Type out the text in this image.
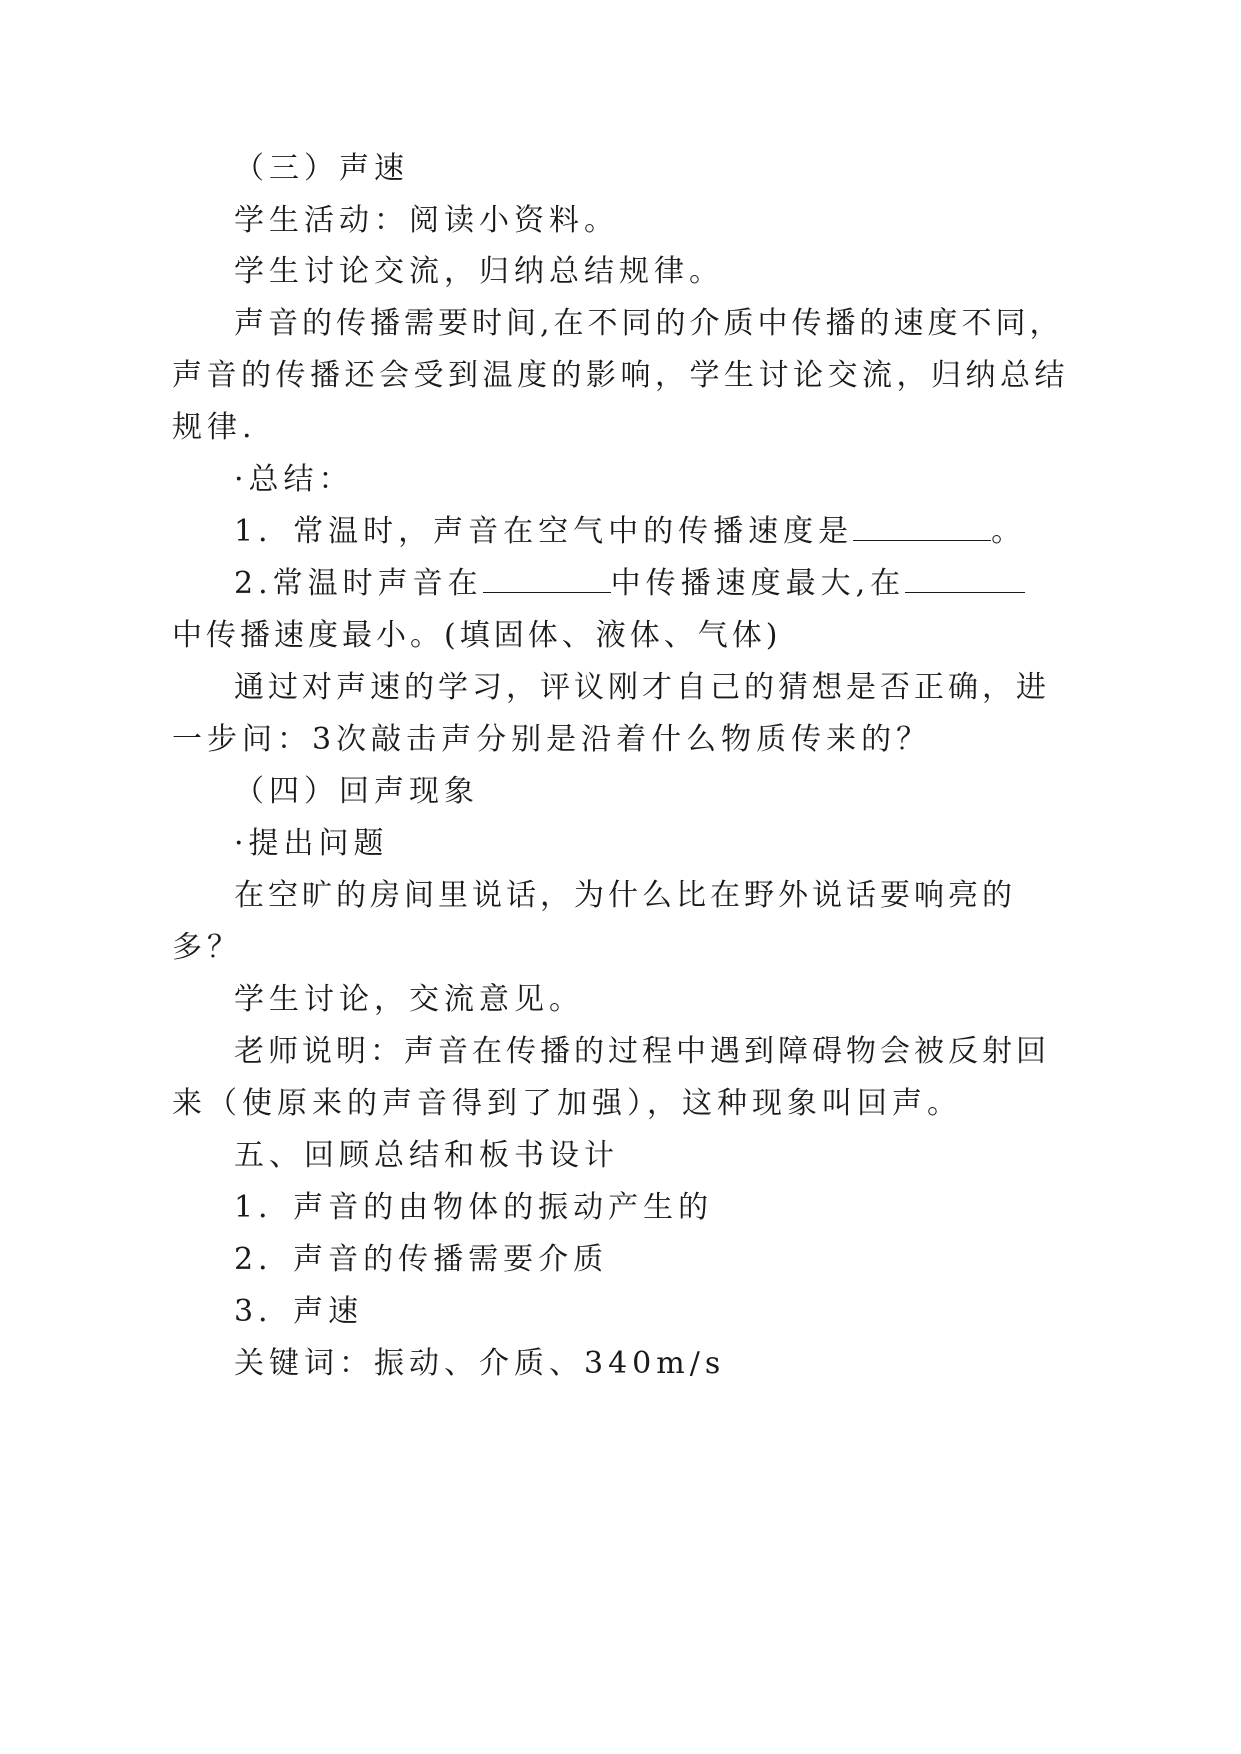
（三）声速
学生活动：阅读小资料。
学生讨论交流，归纳总结规律。
声音的传播需要时间,在不同的介质中传播的速度不同，
声音的传播还会受到温度的影响，学生讨论交流，归纳总结
规律.
·总结：
1．常温时，声音在空气中的传播速度是	。
2.常温时声音在	中传播速度最大,在
中传播速度最小。(填固体、液体、气体)
通过对声速的学习，评议刚才自己的猜想是否正确，进
一步问：3次敲击声分别是沿着什么物质传来的？
（四）回声现象
·提出问题
在空旷的房间里说话，为什么比在野外说话要响亮的
多？
学生讨论，交流意见。
老师说明：声音在传播的过程中遇到障碍物会被反射回
来（使原来的声音得到了加强），这种现象叫回声。
五、回顾总结和板书设计
1．声音的由物体的振动产生的
2．声音的传播需要介质
3．声速
关键词：振动、介质、340m/s
